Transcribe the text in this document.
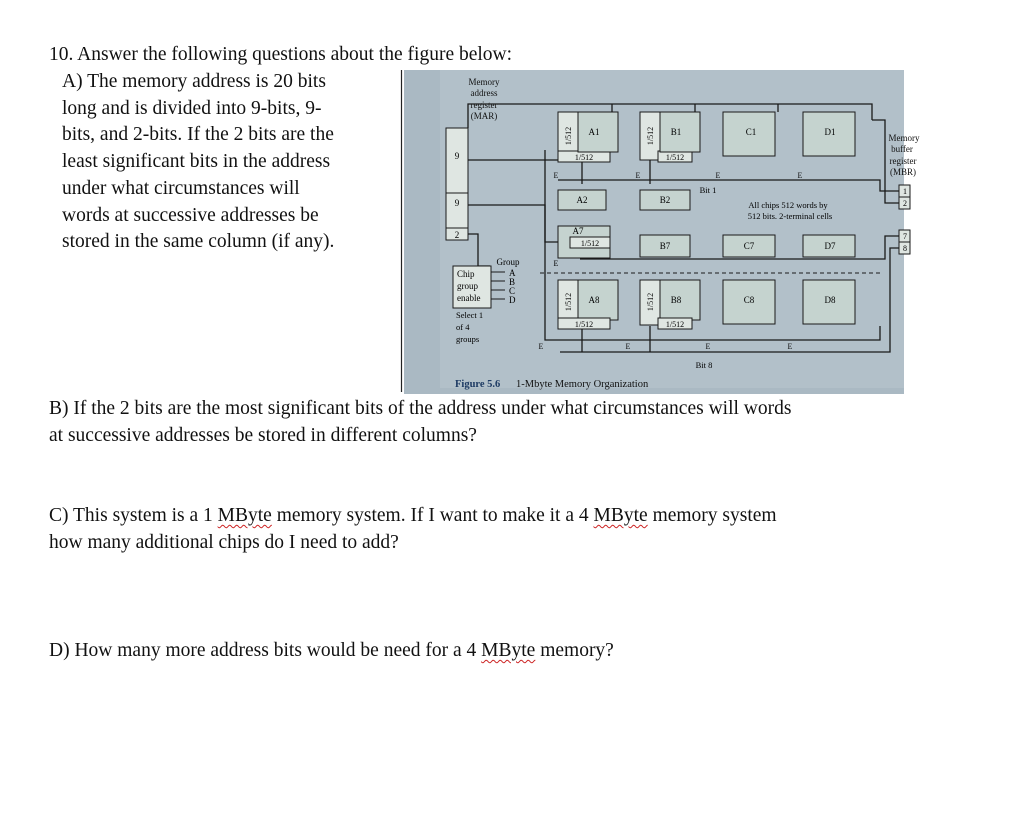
10. Answer the following questions about the figure below:

A) The memory address is 20 bits

long and is divided into 9-bits, 9-

bits, and 2-bits. If the 2 bits are the

least significant bits in the address

under what circumstances will

words at successive addresses be

stored in the same column (if any).

B) If the 2 bits are the most significant bits of the address under what circumstances will words

at successive addresses be stored in different columns?

C) This system is a 1 MByte memory system. If I want to make it a 4 MByte memory system

how many additional chips do I need to add?

D) How many more address bits would be need for a 4 MByte memory?

Memory
address
register
(MAR)
Memory
buffer
register
(MBR)
9
9
2
1
2
7
8
1/512	1/512
1/512	1/512
A1	B1	C1	D1
E	E	E	E
A2	B2
Bit 1
All chips 512 words by
512 bits. 2-terminal cells
A7
1/512	B7	C7	D7
Group
Chip
group
enable
A
B
C
D
Select 1
of 4
groups
E
1/512	1/512
A8	B8	C8	D8
1/512	1/512
E	E	E	E
Bit 8
Figure 5.6 1-Mbyte Memory Organization
